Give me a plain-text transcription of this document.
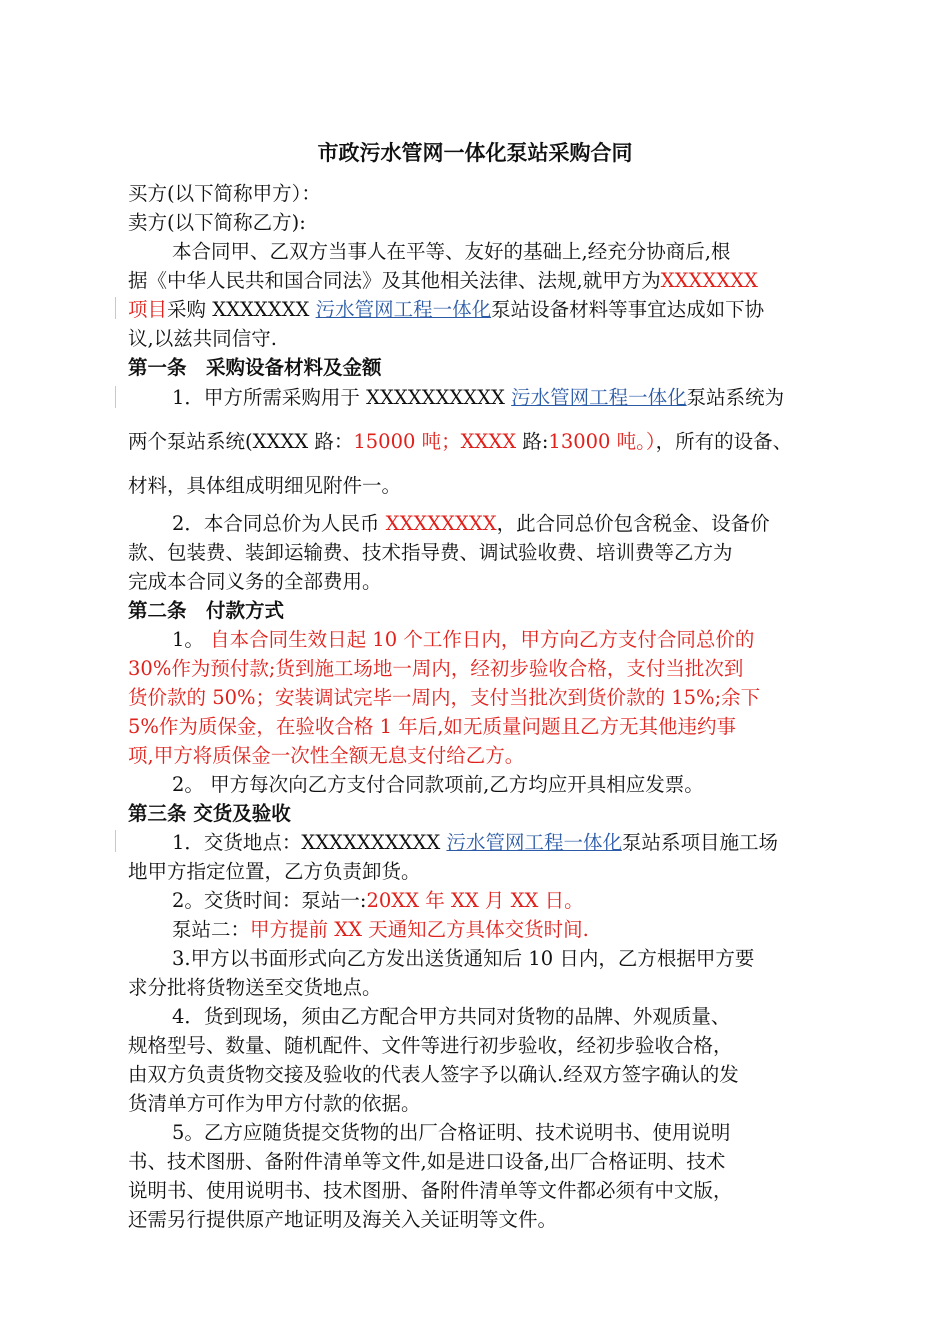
市政污水管网一体化泵站采购合同
买方(以下简称甲方）：
卖方(以下简称乙方):
本合同甲、乙双方当事人在平等、友好的基础上,经充分协商后,根
据《中华人民共和国合同法》及其他相关法律、法规,就甲方为XXXXXXX
项目采购 XXXXXXX 污水管网工程一体化泵站设备材料等事宜达成如下协
议,以兹共同信守.
第一条　采购设备材料及金额
1．甲方所需采购用于 XXXXXXXXXX 污水管网工程一体化泵站系统为
两个泵站系统(XXXX 路：15000 吨；XXXX 路:13000 吨。），所有的设备、
材料，具体组成明细见附件一。
2．本合同总价为人民币 XXXXXXXX，此合同总价包含税金、设备价
款、包装费、装卸运输费、技术指导费、调试验收费、培训费等乙方为
完成本合同义务的全部费用。
第二条　付款方式
1。 自本合同生效日起 10 个工作日内，甲方向乙方支付合同总价的
30%作为预付款;货到施工场地一周内，经初步验收合格，支付当批次到
货价款的 50%；安装调试完毕一周内，支付当批次到货价款的 15%;余下
5%作为质保金，在验收合格 1 年后,如无质量问题且乙方无其他违约事
项,甲方将质保金一次性全额无息支付给乙方。
2。 甲方每次向乙方支付合同款项前,乙方均应开具相应发票。
第三条 交货及验收
1．交货地点：XXXXXXXXXX 污水管网工程一体化泵站系项目施工场
地甲方指定位置，乙方负责卸货。
2。交货时间：泵站一:20XX 年 XX 月 XX 日。
泵站二：甲方提前 XX 天通知乙方具体交货时间.
3.甲方以书面形式向乙方发出送货通知后 10 日内，乙方根据甲方要
求分批将货物送至交货地点。
4．货到现场，须由乙方配合甲方共同对货物的品牌、外观质量、
规格型号、数量、随机配件、文件等进行初步验收，经初步验收合格，
由双方负责货物交接及验收的代表人签字予以确认.经双方签字确认的发
货清单方可作为甲方付款的依据。
5。乙方应随货提交货物的出厂合格证明、技术说明书、使用说明
书、技术图册、备附件清单等文件,如是进口设备,出厂合格证明、技术
说明书、使用说明书、技术图册、备附件清单等文件都必须有中文版，
还需另行提供原产地证明及海关入关证明等文件。
